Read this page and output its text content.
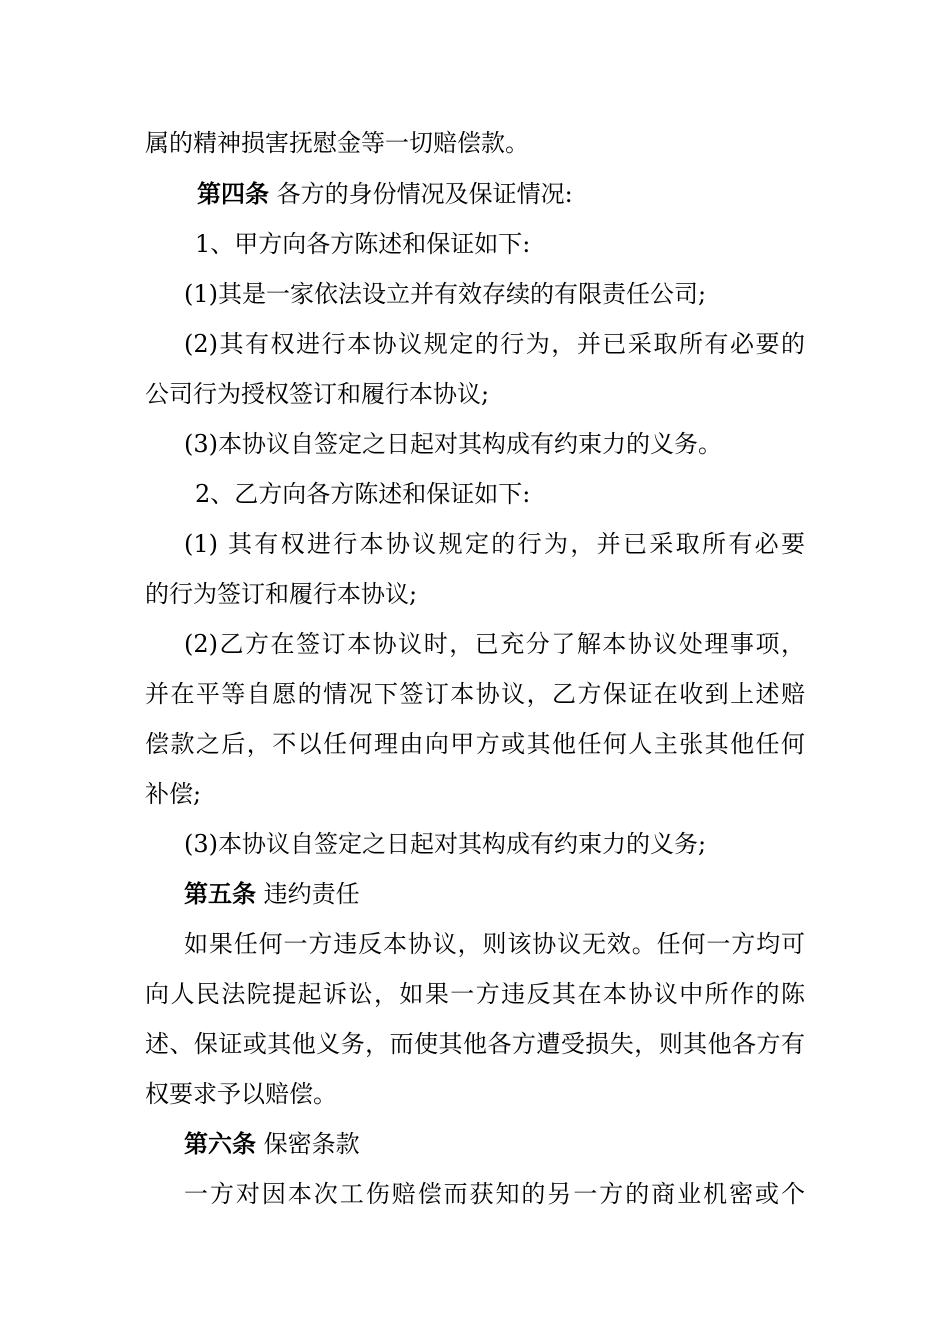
属的精神损害抚慰金等一切赔偿款。
第四条 各方的身份情况及保证情况:
1、甲方向各方陈述和保证如下:
(1)其是一家依法设立并有效存续的有限责任公司;
(2)其有权进行本协议规定的行为，并已采取所有必要的
公司行为授权签订和履行本协议;
(3)本协议自签定之日起对其构成有约束力的义务。
2、乙方向各方陈述和保证如下:
(1) 其有权进行本协议规定的行为，并已采取所有必要
的行为签订和履行本协议;
(2)乙方在签订本协议时，已充分了解本协议处理事项，
并在平等自愿的情况下签订本协议，乙方保证在收到上述赔
偿款之后，不以任何理由向甲方或其他任何人主张其他任何
补偿;
(3)本协议自签定之日起对其构成有约束力的义务;
第五条 违约责任
如果任何一方违反本协议，则该协议无效。任何一方均可
向人民法院提起诉讼，如果一方违反其在本协议中所作的陈
述、保证或其他义务，而使其他各方遭受损失，则其他各方有
权要求予以赔偿。
第六条 保密条款
一方对因本次工伤赔偿而获知的另一方的商业机密或个
